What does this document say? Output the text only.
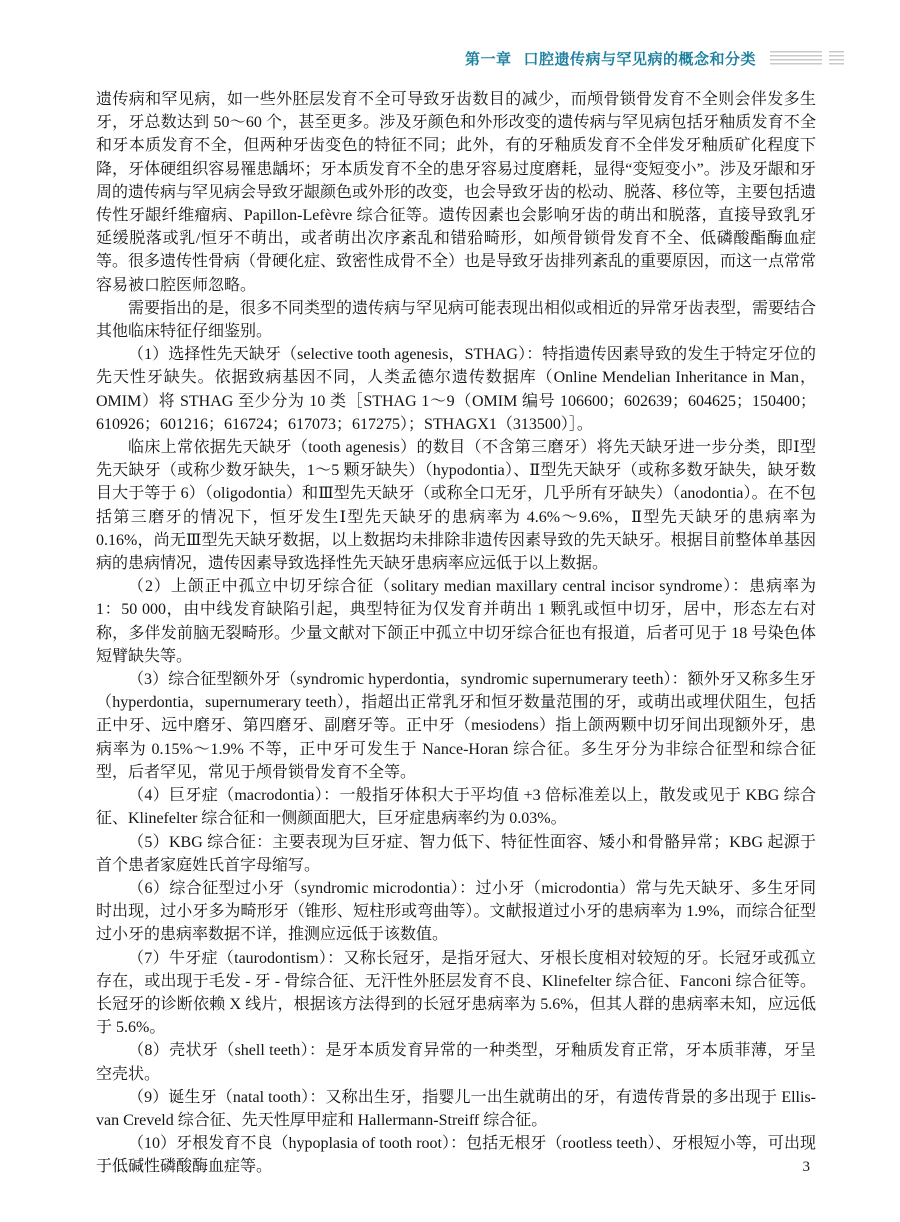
第一章 口腔遗传病与罕见病的概念和分类

遗传病和罕见病，如一些外胚层发育不全可导致牙齿数目的减少，而颅骨锁骨发育不全则会伴发多生牙，牙总数达到 50～60 个，甚至更多。涉及牙颜色和外形改变的遗传病与罕见病包括牙釉质发育不全和牙本质发育不全，但两种牙齿变色的特征不同；此外，有的牙釉质发育不全伴发牙釉质矿化程度下降，牙体硬组织容易罹患龋坏；牙本质发育不全的患牙容易过度磨耗，显得“变短变小”。涉及牙龈和牙周的遗传病与罕见病会导致牙龈颜色或外形的改变，也会导致牙齿的松动、脱落、移位等，主要包括遗传性牙龈纤维瘤病、Papillon-Lefèvre 综合征等。遗传因素也会影响牙齿的萌出和脱落，直接导致乳牙延缓脱落或乳/恒牙不萌出，或者萌出次序紊乱和错𬌗畸形，如颅骨锁骨发育不全、低磷酸酯酶血症等。很多遗传性骨病（骨硬化症、致密性成骨不全）也是导致牙齿排列紊乱的重要原因，而这一点常常容易被口腔医师忽略。

需要指出的是，很多不同类型的遗传病与罕见病可能表现出相似或相近的异常牙齿表型，需要结合其他临床特征仔细鉴别。

（1）选择性先天缺牙（selective tooth agenesis，STHAG）：特指遗传因素导致的发生于特定牙位的先天性牙缺失。依据致病基因不同，人类孟德尔遗传数据库（Online Mendelian Inheritance in Man，OMIM）将 STHAG 至少分为 10 类［STHAG 1～9（OMIM 编号 106600；602639；604625；150400；610926；601216；616724；617073；617275）；STHAGX1（313500）］。

临床上常依据先天缺牙（tooth agenesis）的数目（不含第三磨牙）将先天缺牙进一步分类，即Ⅰ型先天缺牙（或称少数牙缺失，1～5 颗牙缺失）（hypodontia）、Ⅱ型先天缺牙（或称多数牙缺失，缺牙数目大于等于 6）（oligodontia）和Ⅲ型先天缺牙（或称全口无牙，几乎所有牙缺失）（anodontia）。在不包括第三磨牙的情况下，恒牙发生Ⅰ型先天缺牙的患病率为 4.6%～9.6%，Ⅱ型先天缺牙的患病率为 0.16%，尚无Ⅲ型先天缺牙数据，以上数据均未排除非遗传因素导致的先天缺牙。根据目前整体单基因病的患病情况，遗传因素导致选择性先天缺牙患病率应远低于以上数据。

（2）上颌正中孤立中切牙综合征（solitary median maxillary central incisor syndrome）：患病率为 1：50 000，由中线发育缺陷引起，典型特征为仅发育并萌出 1 颗乳或恒中切牙，居中，形态左右对称，多伴发前脑无裂畸形。少量文献对下颌正中孤立中切牙综合征也有报道，后者可见于 18 号染色体短臂缺失等。

（3）综合征型额外牙（syndromic hyperdontia，syndromic supernumerary teeth）：额外牙又称多生牙（hyperdontia，supernumerary teeth），指超出正常乳牙和恒牙数量范围的牙，或萌出或埋伏阻生，包括正中牙、远中磨牙、第四磨牙、副磨牙等。正中牙（mesiodens）指上颌两颗中切牙间出现额外牙，患病率为 0.15%～1.9% 不等，正中牙可发生于 Nance-Horan 综合征。多生牙分为非综合征型和综合征型，后者罕见，常见于颅骨锁骨发育不全等。

（4）巨牙症（macrodontia）：一般指牙体积大于平均值 +3 倍标准差以上，散发或见于 KBG 综合征、Klinefelter 综合征和一侧颜面肥大，巨牙症患病率约为 0.03%。

（5）KBG 综合征：主要表现为巨牙症、智力低下、特征性面容、矮小和骨骼异常；KBG 起源于首个患者家庭姓氏首字母缩写。

（6）综合征型过小牙（syndromic microdontia）：过小牙（microdontia）常与先天缺牙、多生牙同时出现，过小牙多为畸形牙（锥形、短柱形或弯曲等）。文献报道过小牙的患病率为 1.9%，而综合征型过小牙的患病率数据不详，推测应远低于该数值。

（7）牛牙症（taurodontism）：又称长冠牙，是指牙冠大、牙根长度相对较短的牙。长冠牙或孤立存在，或出现于毛发 - 牙 - 骨综合征、无汗性外胚层发育不良、Klinefelter 综合征、Fanconi 综合征等。长冠牙的诊断依赖 X 线片，根据该方法得到的长冠牙患病率为 5.6%，但其人群的患病率未知，应远低于 5.6%。

（8）壳状牙（shell teeth）：是牙本质发育异常的一种类型，牙釉质发育正常，牙本质菲薄，牙呈空壳状。

（9）诞生牙（natal tooth）：又称出生牙，指婴儿一出生就萌出的牙，有遗传背景的多出现于 Ellis-van Creveld 综合征、先天性厚甲症和 Hallermann-Streiff 综合征。

（10）牙根发育不良（hypoplasia of tooth root）：包括无根牙（rootless teeth）、牙根短小等，可出现于低碱性磷酸酶血症等。	3
